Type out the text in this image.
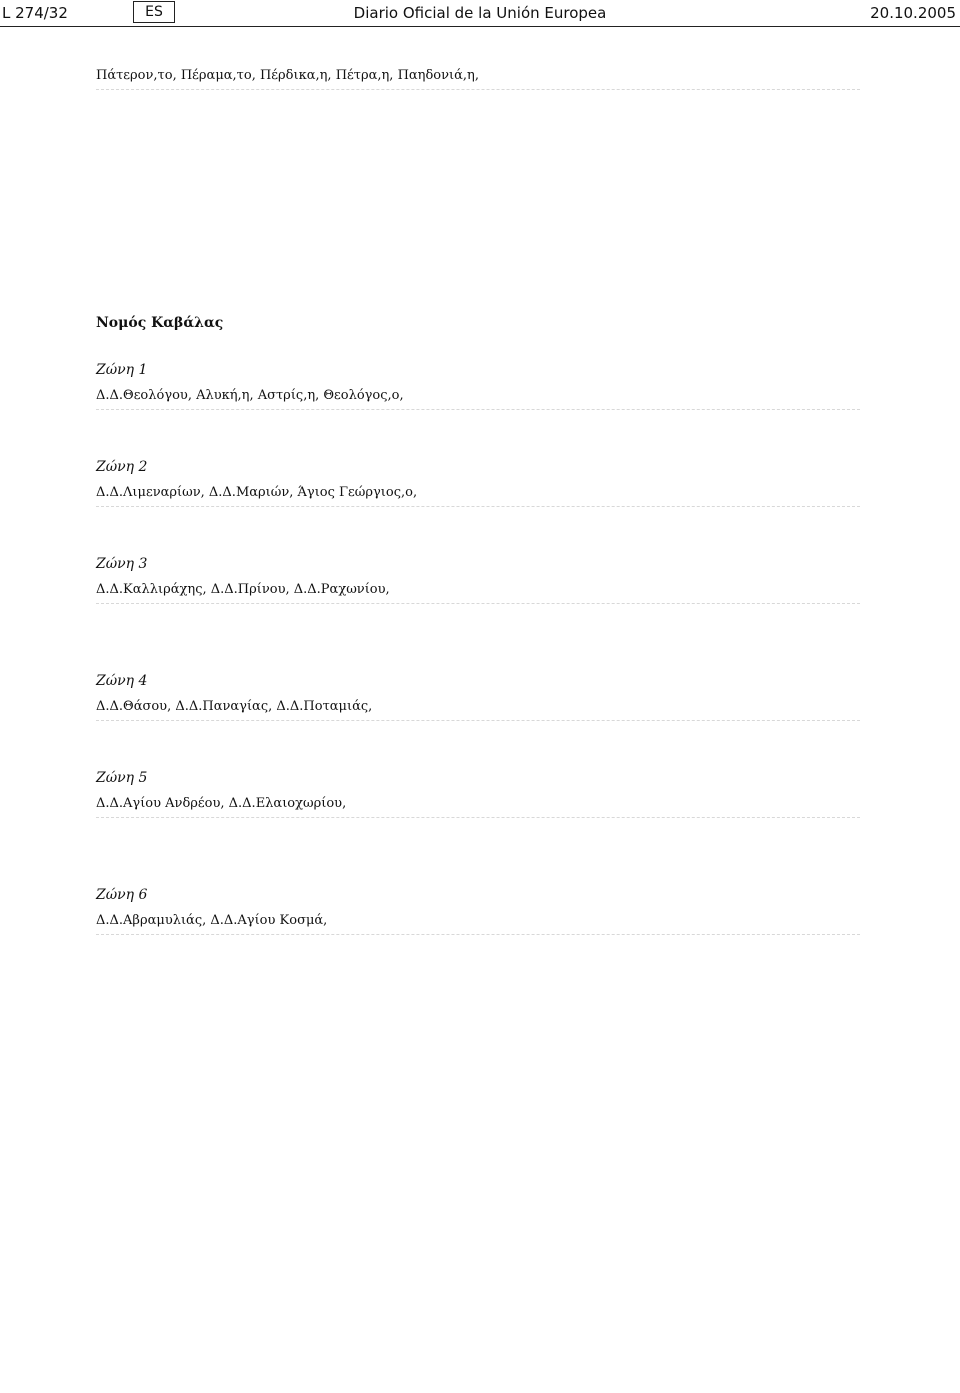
L 274/32	ES	Diario Oficial de la Unión Europea	20.10.2005

Πάτερον,το, Πέραμα,το, Πέρδικα,η, Πέτρα,η, Παηδονιά,η,

Νομός Καβάλας
Ζώνη 1

Δ.Δ.Θεολόγου, Αλυκή,η, Αστρίς,η, Θεολόγος,ο,

Ζώνη 2

Δ.Δ.Λιμεναρίων, Δ.Δ.Μαριών, Άγιος Γεώργιος,ο,

Ζώνη 3

Δ.Δ.Καλλιράχης, Δ.Δ.Πρίνου, Δ.Δ.Ραχωνίου,

Ζώνη 4

Δ.Δ.Θάσου, Δ.Δ.Παναγίας, Δ.Δ.Ποταμιάς,

Ζώνη 5

Δ.Δ.Αγίου Ανδρέου, Δ.Δ.Ελαιοχωρίου,

Ζώνη 6

Δ.Δ.Αβραμυλιάς, Δ.Δ.Αγίου Κοσμά,
